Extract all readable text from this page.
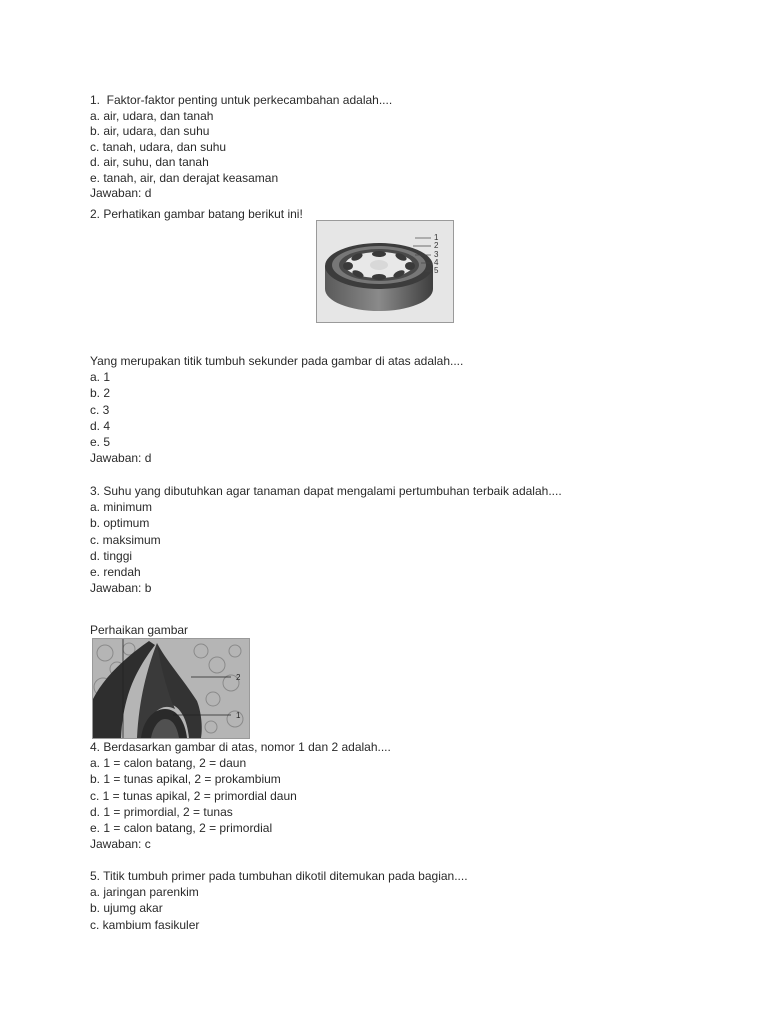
1.  Faktor-faktor penting untuk perkecambahan adalah....
a. air, udara, dan tanah
b. air, udara, dan suhu
c. tanah, udara, dan suhu
d. air, suhu, dan tanah
e. tanah, air, dan derajat keasaman
Jawaban: d
2. Perhatikan gambar batang berikut ini!
1
2
3
4
5
Yang merupakan titik tumbuh sekunder pada gambar di atas adalah....
a. 1
b. 2
c. 3
d. 4
e. 5
Jawaban: d
3. Suhu yang dibutuhkan agar tanaman dapat mengalami pertumbuhan terbaik adalah....
a. minimum
b. optimum
c. maksimum
d. tinggi
e. rendah
Jawaban: b
Perhaikan gambar
2
1
4. Berdasarkan gambar di atas, nomor 1 dan 2 adalah....
a. 1 = calon batang, 2 = daun
b. 1 = tunas apikal, 2 = prokambium
c. 1 = tunas apikal, 2 = primordial daun
d. 1 = primordial, 2 = tunas
e. 1 = calon batang, 2 = primordial
Jawaban: c
5. Titik tumbuh primer pada tumbuhan dikotil ditemukan pada bagian....
a. jaringan parenkim
b. ujumg akar
c. kambium fasikuler
